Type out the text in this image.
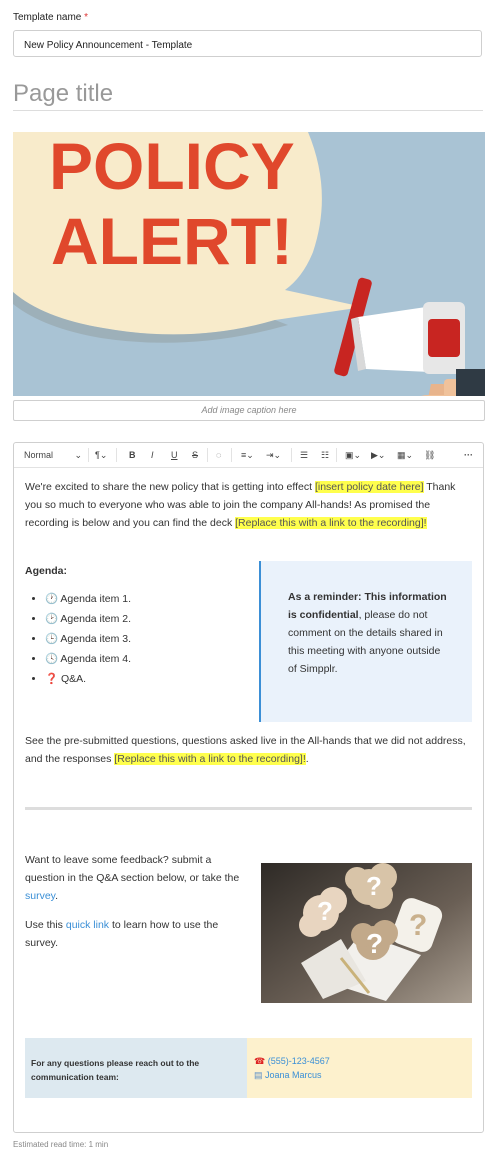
Template name *
New Policy Announcement - Template
Page title
POLICY
ALERT!
Add image caption here
Normal ⌄ ¶⌄ B I U S ◌ ≡⌄ ⇥⌄ ☰ ☷ ▣⌄ ▶⌄ ▦⌄ ⛓	···
We're excited to share the new policy that is getting into effect [insert policy date here] Thank you so much to everyone who was able to join the company All-hands! As promised the recording is below and you can find the deck [Replace this with a link to the recording]!
Agenda:
• 🕐 Agenda item 1.
• 🕑 Agenda item 2.
• 🕒 Agenda item 3.
• 🕓 Agenda item 4.
• ❓ Q&A.
As a reminder: This information is confidential, please do not comment on the details shared in this meeting with anyone outside of Simpplr.
See the pre-submitted questions, questions asked live in the All-hands that we did not address, and the responses [Replace this with a link to the recording]!.
Want to leave some feedback? submit a question in the Q&A section below, or take the survey.
Use this quick link to learn how to use the survey.
?
?
?
?
For any questions please reach out to the communication team:
☎ (555)-123-4567
▤ Joana Marcus
Estimated read time: 1 min
